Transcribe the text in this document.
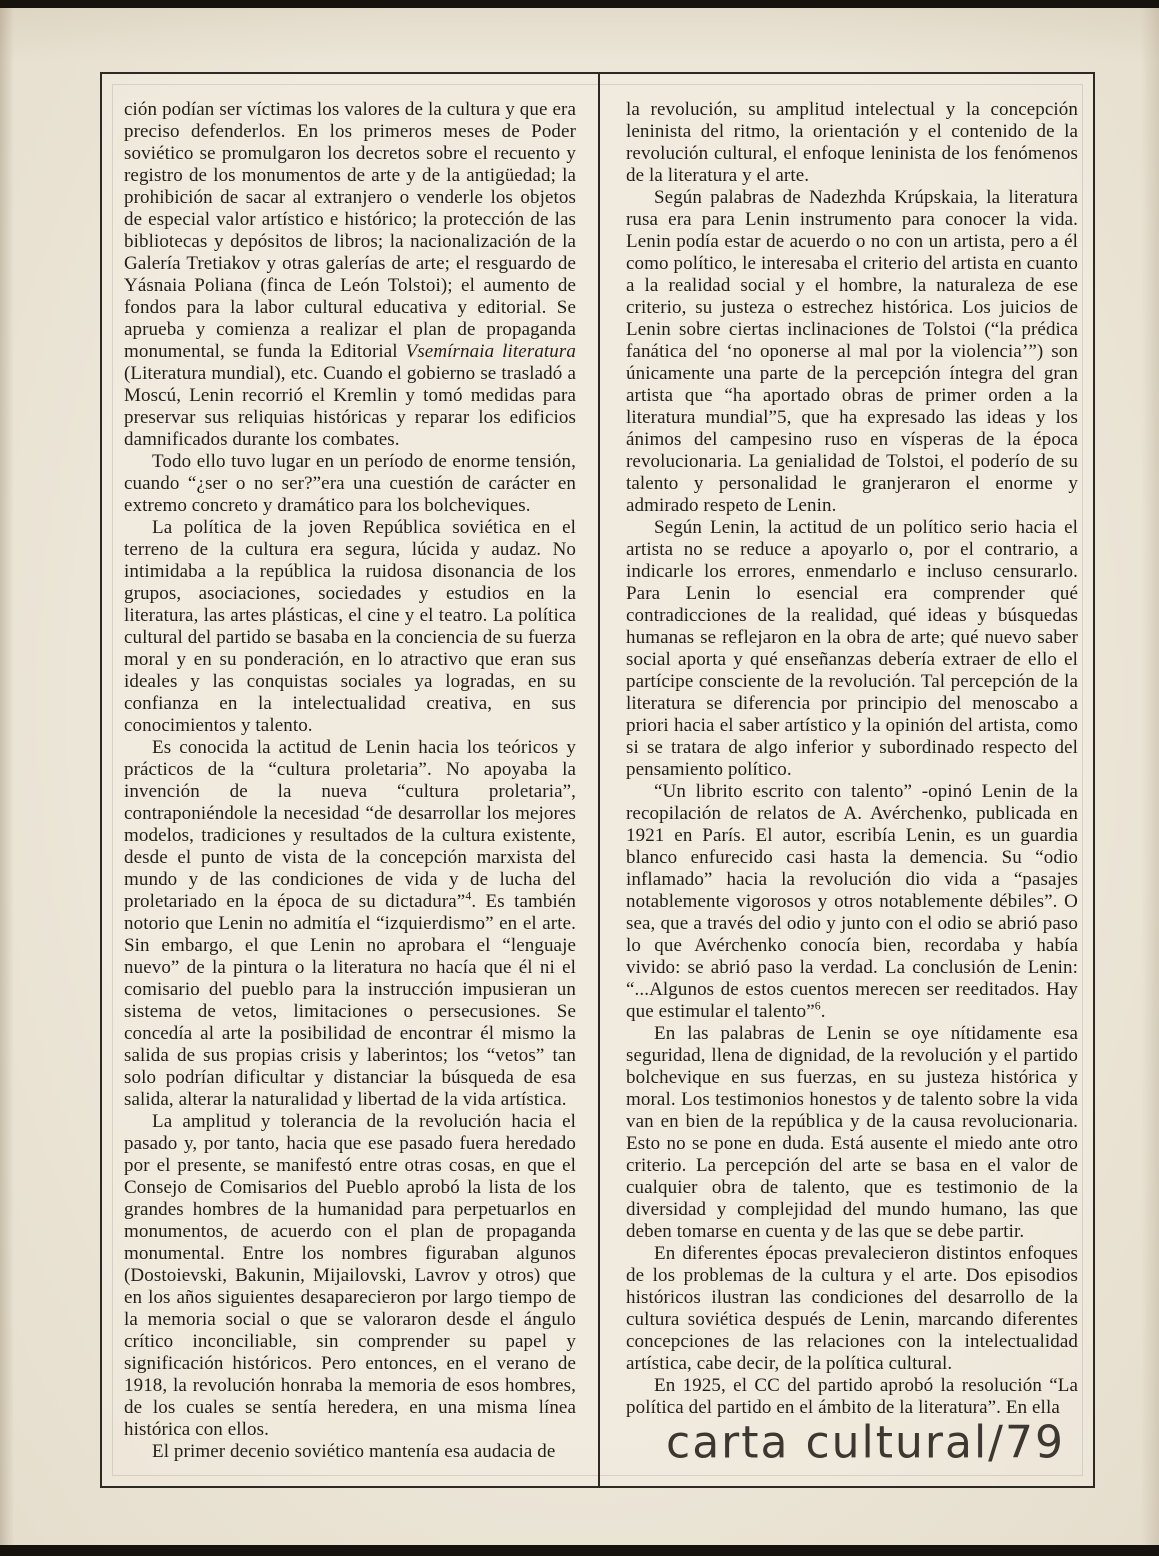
ción podían ser víctimas los valores de la cultura y que era preciso defenderlos. En los primeros meses de Poder soviético se promulgaron los decretos sobre el recuento y registro de los monumentos de arte y de la antigüedad; la prohibición de sacar al extranjero o venderle los objetos de especial valor artístico e histórico; la protección de las bibliotecas y depósitos de libros; la nacionalización de la Galería Tretiakov y otras galerías de arte; el resguardo de Yásnaia Poliana (finca de León Tolstoi); el aumento de fondos para la labor cultural educativa y editorial. Se aprueba y comienza a realizar el plan de propaganda monumental, se funda la Editorial Vsemírnaia literatura (Literatura mundial), etc. Cuando el gobierno se trasladó a Moscú, Lenin recorrió el Kremlin y tomó medidas para preservar sus reliquias históricas y reparar los edificios damnificados durante los combates.

Todo ello tuvo lugar en un período de enorme tensión, cuando “¿ser o no ser?”era una cuestión de carácter en extremo concreto y dramático para los bolcheviques.

La política de la joven República soviética en el terreno de la cultura era segura, lúcida y audaz. No intimidaba a la república la ruidosa disonancia de los grupos, asociaciones, sociedades y estudios en la literatura, las artes plásticas, el cine y el teatro. La política cultural del partido se basaba en la conciencia de su fuerza moral y en su ponderación, en lo atractivo que eran sus ideales y las conquistas sociales ya logradas, en su confianza en la intelectualidad creativa, en sus conocimientos y talento.

Es conocida la actitud de Lenin hacia los teóricos y prácticos de la “cultura proletaria”. No apoyaba la invención de la nueva “cultura proletaria”, contraponiéndole la necesidad “de desarrollar los mejores modelos, tradiciones y resultados de la cultura existente, desde el punto de vista de la concepción marxista del mundo y de las condiciones de vida y de lucha del proletariado en la época de su dictadura”$^4$. Es también notorio que Lenin no admitía el “izquierdismo” en el arte. Sin embargo, el que Lenin no aprobara el “lenguaje nuevo” de la pintura o la literatura no hacía que él ni el comisario del pueblo para la instrucción impusieran un sistema de vetos, limitaciones o persecusiones. Se concedía al arte la posibilidad de encontrar él mismo la salida de sus propias crisis y laberintos; los “vetos” tan solo podrían dificultar y distanciar la búsqueda de esa salida, alterar la naturalidad y libertad de la vida artística.

La amplitud y tolerancia de la revolución hacia el pasado y, por tanto, hacia que ese pasado fuera heredado por el presente, se manifestó entre otras cosas, en que el Consejo de Comisarios del Pueblo aprobó la lista de los grandes hombres de la humanidad para perpetuarlos en monumentos, de acuerdo con el plan de propaganda monumental. Entre los nombres figuraban algunos (Dostoievski, Bakunin, Mijailovski, Lavrov y otros) que en los años siguientes desaparecieron por largo tiempo de la memoria social o que se valoraron desde el ángulo crítico inconciliable, sin comprender su papel y significación históricos. Pero entonces, en el verano de 1918, la revolución honraba la memoria de esos hombres, de los cuales se sentía heredera, en una misma línea histórica con ellos.

El primer decenio soviético mantenía esa audacia de

la revolución, su amplitud intelectual y la concepción leninista del ritmo, la orientación y el contenido de la revolución cultural, el enfoque leninista de los fenómenos de la literatura y el arte.

Según palabras de Nadezhda Krúpskaia, la literatura rusa era para Lenin instrumento para conocer la vida. Lenin podía estar de acuerdo o no con un artista, pero a él como político, le interesaba el criterio del artista en cuanto a la realidad social y el hombre, la naturaleza de ese criterio, su justeza o estrechez histórica. Los juicios de Lenin sobre ciertas inclinaciones de Tolstoi (“la prédica fanática del ‘no oponerse al mal por la violencia’”) son únicamente una parte de la percepción íntegra del gran artista que “ha aportado obras de primer orden a la literatura mundial”5, que ha expresado las ideas y los ánimos del campesino ruso en vísperas de la época revolucionaria. La genialidad de Tolstoi, el poderío de su talento y personalidad le granjeraron el enorme y admirado respeto de Lenin.

Según Lenin, la actitud de un político serio hacia el artista no se reduce a apoyarlo o, por el contrario, a indicarle los errores, enmendarlo e incluso censurarlo. Para Lenin lo esencial era comprender qué contradicciones de la realidad, qué ideas y búsquedas humanas se reflejaron en la obra de arte; qué nuevo saber social aporta y qué enseñanzas debería extraer de ello el partícipe consciente de la revolución. Tal percepción de la literatura se diferencia por principio del menoscabo a priori hacia el saber artístico y la opinión del artista, como si se tratara de algo inferior y subordinado respecto del pensamiento político.

“Un librito escrito con talento” -opinó Lenin de la recopilación de relatos de A. Avérchenko, publicada en 1921 en París. El autor, escribía Lenin, es un guardia blanco enfurecido casi hasta la demencia. Su “odio inflamado” hacia la revolución dio vida a “pasajes notablemente vigorosos y otros notablemente débiles”. O sea, que a través del odio y junto con el odio se abrió paso lo que Avérchenko conocía bien, recordaba y había vivido: se abrió paso la verdad. La conclusión de Lenin: “...Algunos de estos cuentos merecen ser reeditados. Hay que estimular el talento”$^6$.

En las palabras de Lenin se oye nítidamente esa seguridad, llena de dignidad, de la revolución y el partido bolchevique en sus fuerzas, en su justeza histórica y moral. Los testimonios honestos y de talento sobre la vida van en bien de la república y de la causa revolucionaria. Esto no se pone en duda. Está ausente el miedo ante otro criterio. La percepción del arte se basa en el valor de cualquier obra de talento, que es testimonio de la diversidad y complejidad del mundo humano, las que deben tomarse en cuenta y de las que se debe partir.

En diferentes épocas prevalecieron distintos enfoques de los problemas de la cultura y el arte. Dos episodios históricos ilustran las condiciones del desarrollo de la cultura soviética después de Lenin, marcando diferentes concepciones de las relaciones con la intelectualidad artística, cabe decir, de la política cultural.

En 1925, el CC del partido aprobó la resolución “La política del partido en el ámbito de la literatura”. En ella

carta cultural/79
